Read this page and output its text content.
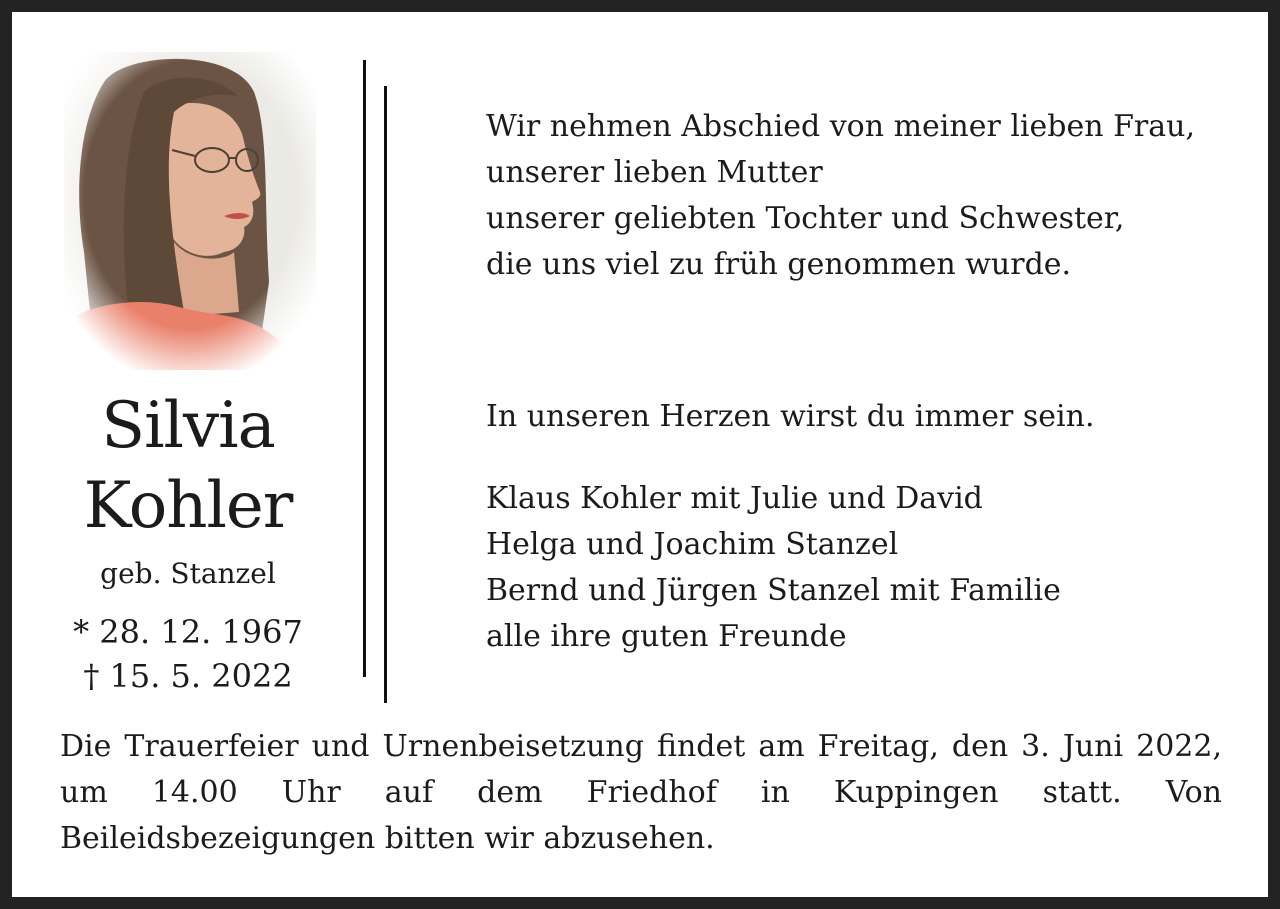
Silvia
Kohler
geb. Stanzel
* 28. 12. 1967
† 15. 5. 2022
Wir nehmen Abschied von meiner lieben Frau,
unserer lieben Mutter
unserer geliebten Tochter und Schwester,
die uns viel zu früh genommen wurde.
In unseren Herzen wirst du immer sein.
Klaus Kohler mit Julie und David
Helga und Joachim Stanzel
Bernd und Jürgen Stanzel mit Familie
alle ihre guten Freunde
Die Trauerfeier und Urnenbeisetzung findet am Freitag, den 3. Juni 2022, um 14.00 Uhr auf dem Friedhof in Kuppingen statt. Von Beileidsbezeigungen bitten wir abzusehen.
